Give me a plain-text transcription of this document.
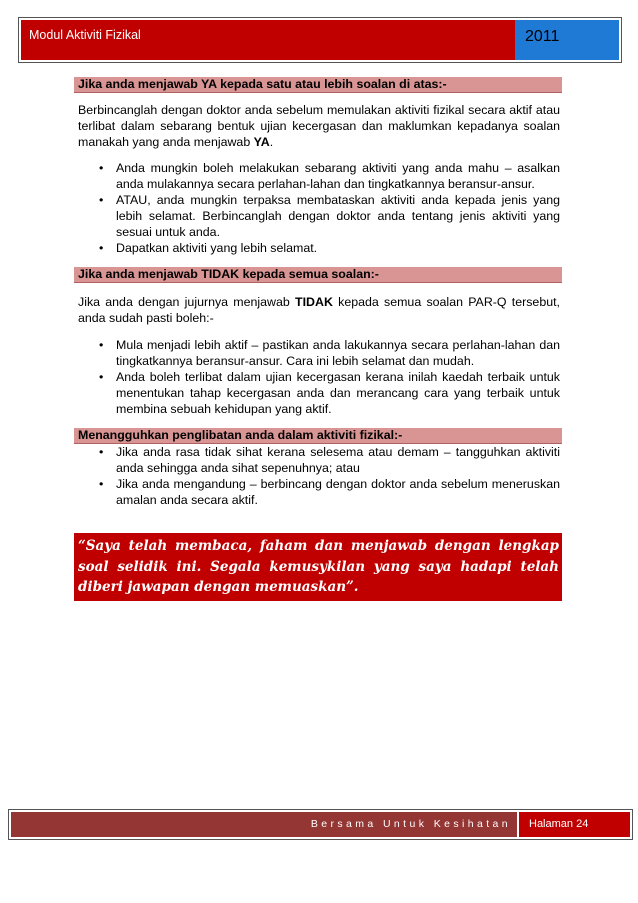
Modul Aktiviti Fizikal	2011
Jika anda menjawab YA kepada satu atau lebih soalan di atas:-

Berbincanglah dengan doktor anda sebelum memulakan aktiviti fizikal secara aktif atau terlibat dalam sebarang bentuk ujian kecergasan dan maklumkan kepadanya soalan manakah yang anda menjawab YA.

• Anda mungkin boleh melakukan sebarang aktiviti yang anda mahu – asalkan anda mulakannya secara perlahan-lahan dan tingkatkannya beransur-ansur.
• ATAU, anda mungkin terpaksa membataskan aktiviti anda kepada jenis yang lebih selamat. Berbincanglah dengan doktor anda tentang jenis aktiviti yang sesuai untuk anda.
• Dapatkan aktiviti yang lebih selamat.
Jika anda menjawab TIDAK kepada semua soalan:-

Jika anda dengan jujurnya menjawab TIDAK kepada semua soalan PAR-Q tersebut, anda sudah pasti boleh:-

• Mula menjadi lebih aktif – pastikan anda lakukannya secara perlahan-lahan dan tingkatkannya beransur-ansur. Cara ini lebih selamat dan mudah.
• Anda boleh terlibat dalam ujian kecergasan kerana inilah kaedah terbaik untuk menentukan tahap kecergasan anda dan merancang cara yang terbaik untuk membina sebuah kehidupan yang aktif.
Menangguhkan penglibatan anda dalam aktiviti fizikal:-
• Jika anda rasa tidak sihat kerana selesema atau demam – tangguhkan aktiviti anda sehingga anda sihat sepenuhnya; atau
• Jika anda mengandung – berbincang dengan doktor anda sebelum meneruskan amalan anda secara aktif.
“Saya telah membaca, faham dan menjawab dengan lengkap soal selidik ini. Segala kemusykilan yang saya hadapi telah diberi jawapan dengan memuaskan”.
Bersama Untuk Kesihatan	Halaman 24
